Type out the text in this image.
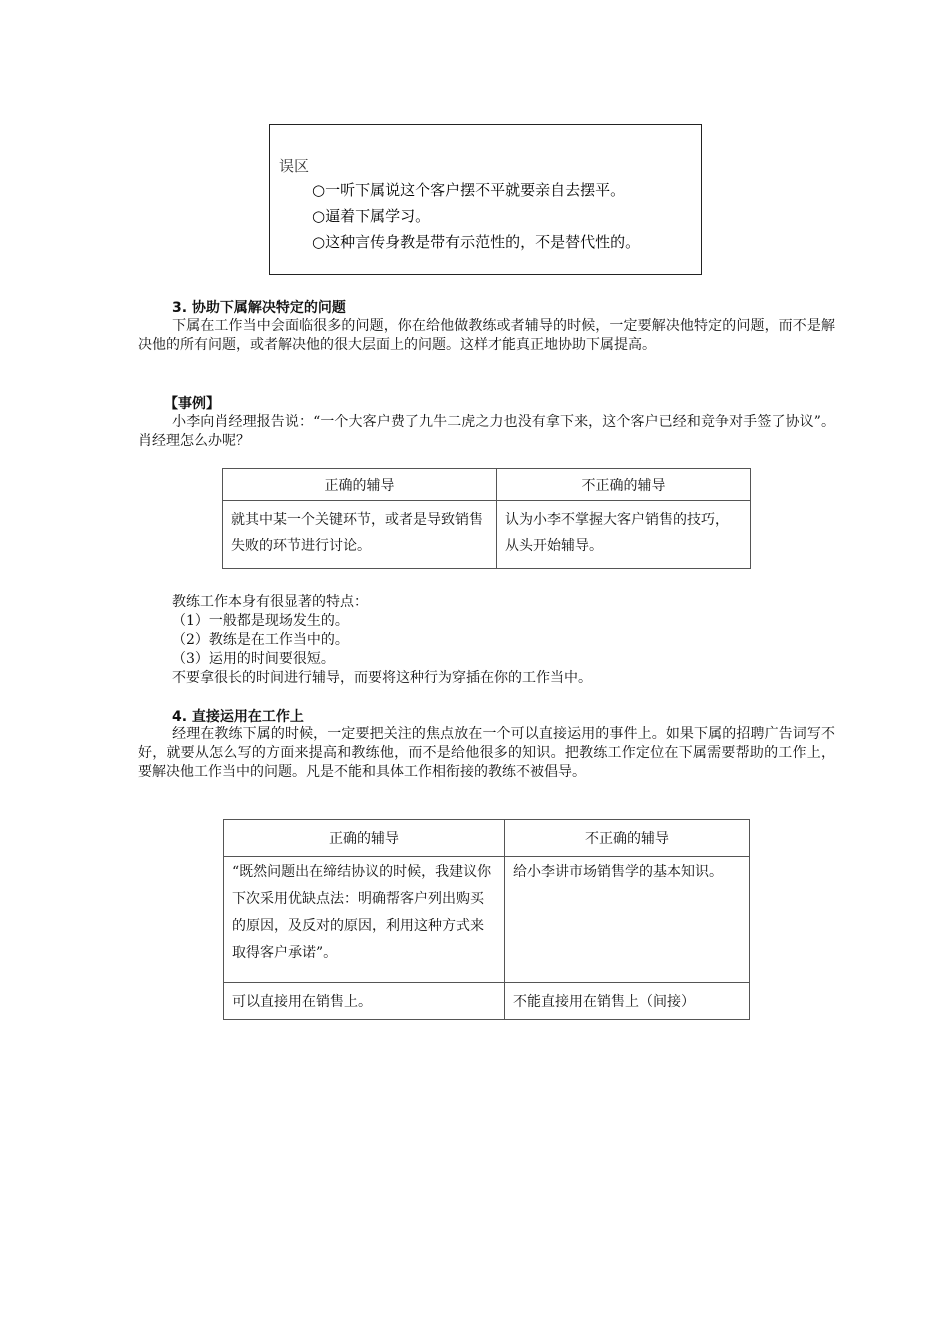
误区
○一听下属说这个客户摆不平就要亲自去摆平。
○逼着下属学习。
○这种言传身教是带有示范性的，不是替代性的。
3. 协助下属解决特定的问题
下属在工作当中会面临很多的问题，你在给他做教练或者辅导的时候，一定要解决他特定的问题，而不是解决他的所有问题，或者解决他的很大层面上的问题。这样才能真正地协助下属提高。
【事例】
小李向肖经理报告说：“一个大客户费了九牛二虎之力也没有拿下来，这个客户已经和竞争对手签了协议”。肖经理怎么办呢？
正确的辅导	不正确的辅导
就其中某一个关键环节，或者是导致销售失败的环节进行讨论。	认为小李不掌握大客户销售的技巧，从头开始辅导。
教练工作本身有很显著的特点：
（1）一般都是现场发生的。
（2）教练是在工作当中的。
（3）运用的时间要很短。
不要拿很长的时间进行辅导，而要将这种行为穿插在你的工作当中。
4. 直接运用在工作上
经理在教练下属的时候，一定要把关注的焦点放在一个可以直接运用的事件上。如果下属的招聘广告词写不好，就要从怎么写的方面来提高和教练他，而不是给他很多的知识。把教练工作定位在下属需要帮助的工作上，要解决他工作当中的问题。凡是不能和具体工作相衔接的教练不被倡导。
正确的辅导	不正确的辅导
“既然问题出在缔结协议的时候，我建议你下次采用优缺点法：明确帮客户列出购买的原因，及反对的原因，利用这种方式来取得客户承诺”。	给小李讲市场销售学的基本知识。
可以直接用在销售上。	不能直接用在销售上（间接）
